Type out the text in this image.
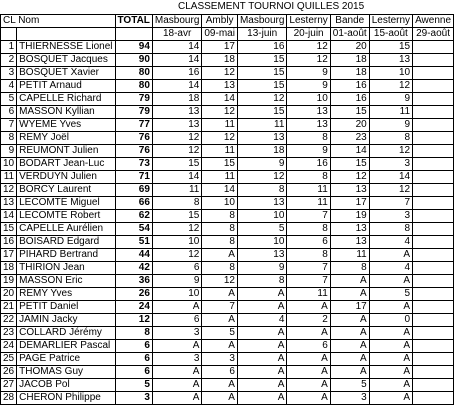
CLASSEMENT TOURNOI QUILLES 2015
CL Nom		TOTAL	Masbourg	Ambly	Masbourg	Lesterny	Bande	Lesterny	Awenne
			18-avr	09-mai	13-juin	20-juin	01-août	15-août	29-août
1	THIERNESSE Lionel	94	14	17	16	12	20	15	
2	BOSQUET Jacques	90	14	18	15	12	18	13	
3	BOSQUET Xavier	80	16	12	15	9	18	10	
4	PETIT Arnaud	80	14	13	15	9	16	12	
5	CAPELLE Richard	79	18	14	12	10	16	9	
6	MASSON Kyllian	79	13	12	15	13	15	11	
7	WYEME Yves	77	13	11	11	13	20	9	
8	REMY Joël	76	12	12	13	8	23	8	
9	REUMONT Julien	76	12	11	18	9	14	12	
10	BODART Jean-Luc	73	15	15	9	16	15	3	
11	VERDUYN Julien	71	14	11	12	8	12	14	
12	BORCY Laurent	69	11	14	8	11	13	12	
13	LECOMTE Miguel	66	8	10	13	11	17	7	
14	LECOMTE Robert	62	15	8	10	7	19	3	
15	CAPELLE Aurélien	54	12	8	5	8	13	8	
16	BOISARD Edgard	51	10	8	10	6	13	4	
17	PIHARD Bertrand	44	12	A	13	8	11	A	
18	THIRION Jean	42	6	8	9	7	8	4	
19	MASSON Eric	36	9	12	8	7	A	A	
20	REMY Yves	26	10	A	A	11	A	5	
21	PETIT Daniel	24	A	7	A	A	17	A	
22	JAMIN Jacky	12	6	A	4	2	A	0	
23	COLLARD Jérémy	8	3	5	A	A	A	A	
24	DEMARLIER Pascal	6	A	A	A	6	A	A	
25	PAGE Patrice	6	3	3	A	A	A	A	
26	THOMAS Guy	6	A	6	A	A	A	A	
27	JACOB Pol	5	A	A	A	A	5	A	
28	CHERON Philippe	3	A	A	A	A	3	A	
